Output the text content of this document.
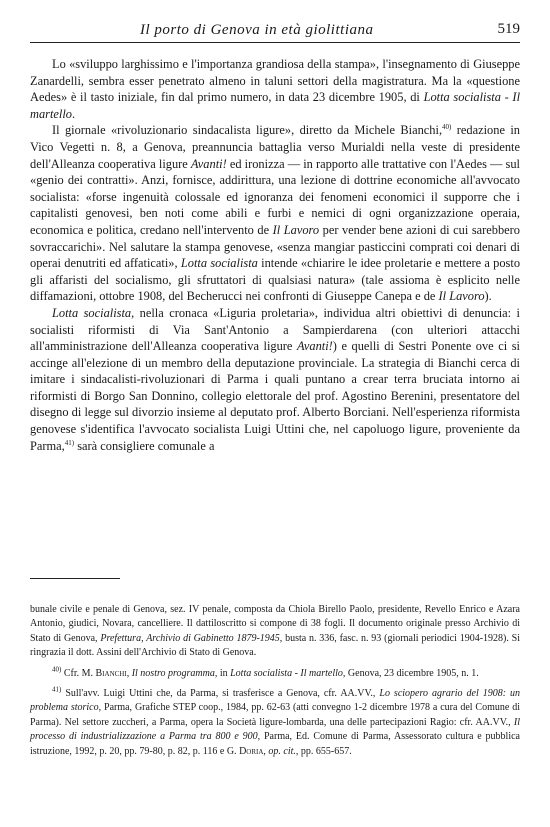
Il porto di Genova in età giolittiana	519

Lo «sviluppo larghissimo e l'importanza grandiosa della stampa», l'insegnamento di Giuseppe Zanardelli, sembra esser penetrato almeno in taluni settori della magistratura. Ma la «questione Aedes» è il tasto iniziale, fin dal primo numero, in data 23 dicembre 1905, di Lotta socialista - Il martello.

Il giornale «rivoluzionario sindacalista ligure», diretto da Michele Bianchi,$^{40)}$ redazione in Vico Vegetti n. 8, a Genova, preannuncia battaglia verso Murialdi nella veste di presidente dell'Alleanza cooperativa ligure Avanti! ed ironizza — in rapporto alle trattative con l'Aedes — sul «genio dei contratti». Anzi, fornisce, addirittura, una lezione di dottrine economiche all'avvocato socialista: «forse ingenuità colossale ed ignoranza dei fenomeni economici il supporre che i capitalisti genovesi, ben noti come abili e furbi e nemici di ogni organizzazione operaia, economica e politica, credano nell'intervento de Il Lavoro per vender bene azioni di cui sarebbero sovraccarichi». Nel salutare la stampa genovese, «senza mangiar pasticcini comprati coi denari di operai denutriti ed affaticati», Lotta socialista intende «chiarire le idee proletarie e mettere a posto gli affaristi del socialismo, gli sfruttatori di qualsiasi natura» (tale assioma è esplicito nelle diffamazioni, ottobre 1908, del Becherucci nei confronti di Giuseppe Canepa e de Il Lavoro).

Lotta socialista, nella cronaca «Liguria proletaria», individua altri obiettivi di denuncia: i socialisti riformisti di Via Sant'Antonio a Sampierdarena (con ulteriori attacchi all'amministrazione dell'Alleanza cooperativa ligure Avanti!) e quelli di Sestri Ponente ove ci si accinge all'elezione di un membro della deputazione provinciale. La strategia di Bianchi cerca di imitare i sindacalisti-rivoluzionari di Parma i quali puntano a crear terra bruciata intorno ai riformisti di Borgo San Donnino, collegio elettorale del prof. Agostino Berenini, presentatore del disegno di legge sul divorzio insieme al deputato prof. Alberto Borciani. Nell'esperienza riformista genovese s'identifica l'avvocato socialista Luigi Uttini che, nel capoluogo ligure, proveniente da Parma,$^{41)}$ sarà consigliere comunale a

bunale civile e penale di Genova, sez. IV penale, composta da Chiola Birello Paolo, presidente, Revello Enrico e Azara Antonio, giudici, Novara, cancelliere. Il dattiloscritto si compone di 38 fogli. Il documento originale presso Archivio di Stato di Genova, Prefettura, Archivio di Gabinetto 1879-1945, busta n. 336, fasc. n. 93 (giornali periodici 1904-1928). Si ringrazia il dott. Assini dell'Archivio di Stato di Genova.

$^{40)}$ Cfr. M. Bianchi, Il nostro programma, in Lotta socialista - Il martello, Genova, 23 dicembre 1905, n. 1.

$^{41)}$ Sull'avv. Luigi Uttini che, da Parma, si trasferisce a Genova, cfr. AA.VV., Lo sciopero agrario del 1908: un problema storico, Parma, Grafiche STEP coop., 1984, pp. 62-63 (atti convegno 1-2 dicembre 1978 a cura del Comune di Parma). Nel settore zuccheri, a Parma, opera la Società ligure-lombarda, una delle partecipazioni Ragio: cfr. AA.VV., Il processo di industrializzazione a Parma tra 800 e 900, Parma, Ed. Comune di Parma, Assessorato cultura e pubblica istruzione, 1992, p. 20, pp. 79-80, p. 82, p. 116 e G. Doria, op. cit., pp. 655-657.
